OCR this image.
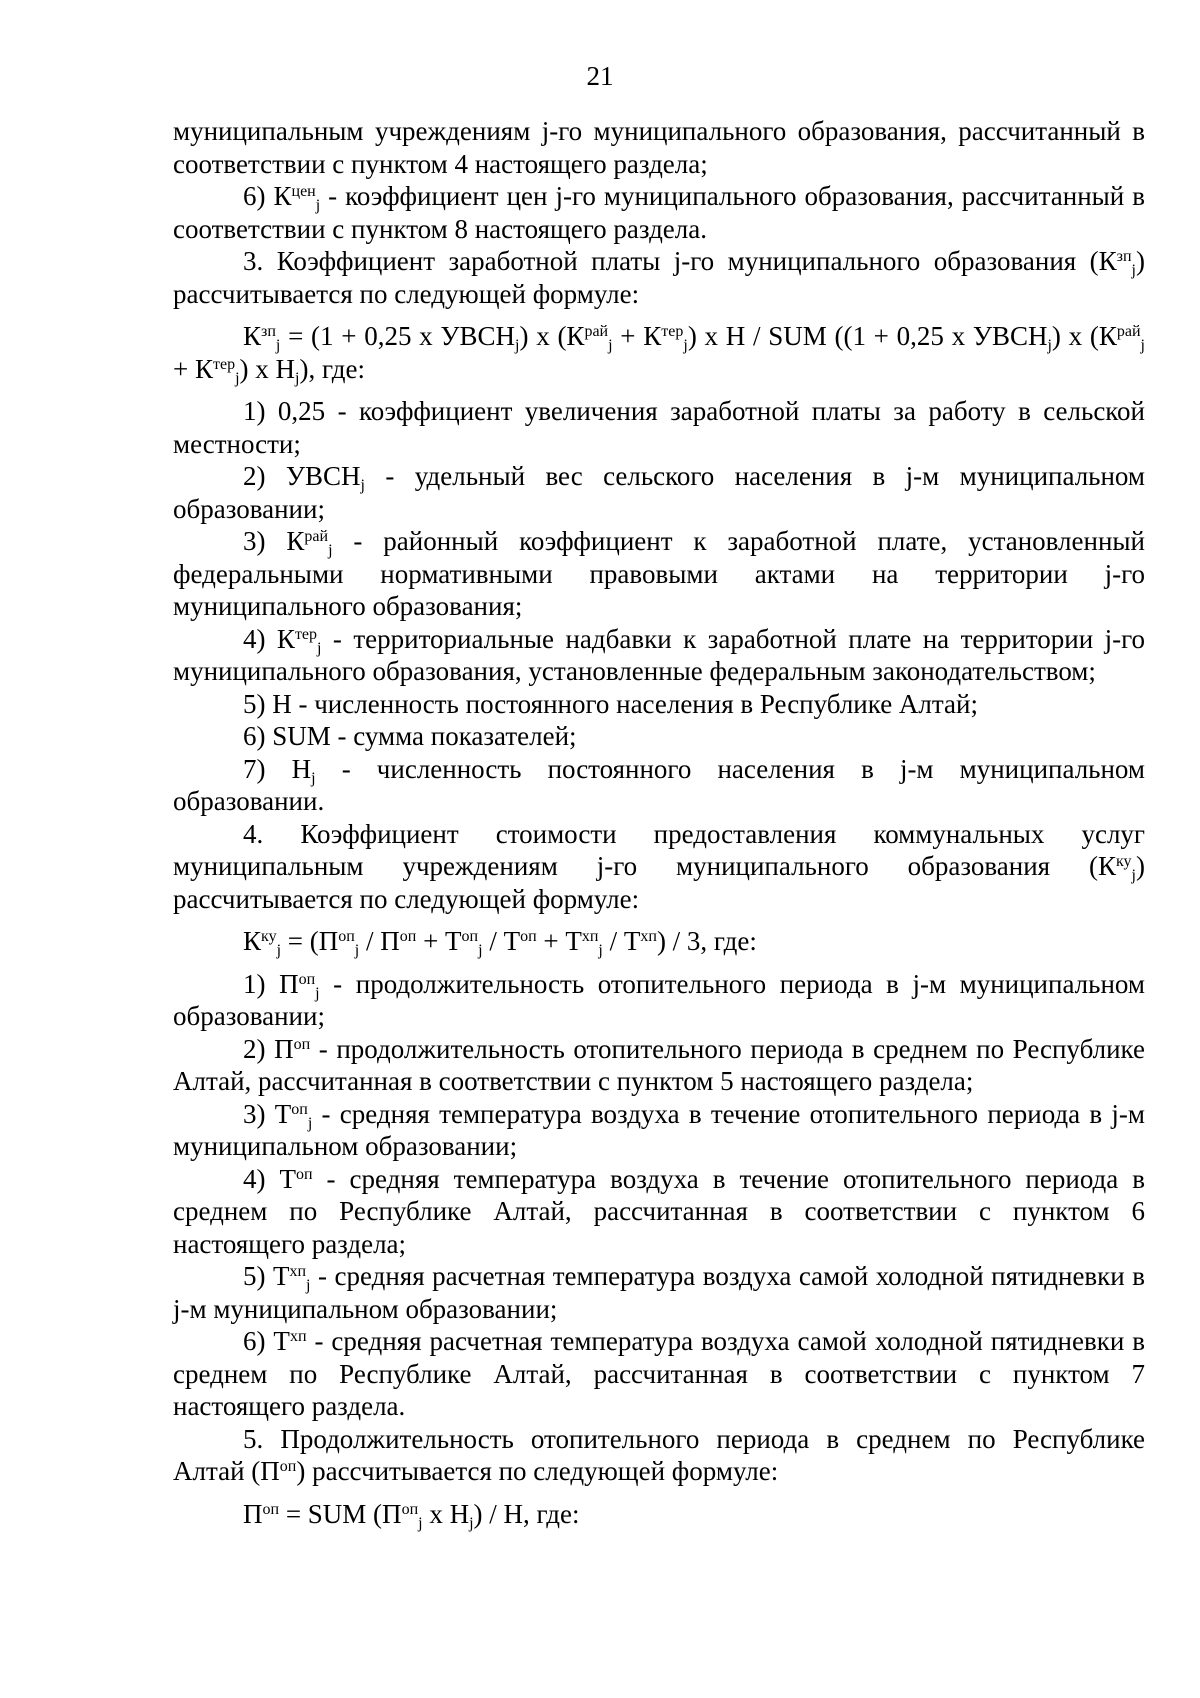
21

муниципальным учреждениям j-го муниципального образования, рассчитанный в соответствии с пунктом 4 настоящего раздела;

6) $К^{цен}_j$ - коэффициент цен j-го муниципального образования, рассчитанный в соответствии с пунктом 8 настоящего раздела.

3. Коэффициент заработной платы j-го муниципального образования $(К^{зп}_j)$ рассчитывается по следующей формуле:

$К^{зп}_j = (1 + 0,25$ x $УВСН_j$) x $(К^{рай}_j + К^{тер}_j)$ x Н / SUM ((1 + 0,25 x $УВСН_j$) x $(К^{рай}_j + К^{тер}_j)$ x $Н_j$), где:

1) 0,25 - коэффициент увеличения заработной платы за работу в сельской местности;

2) $УВСН_j$ - удельный вес сельского населения в j-м муниципальном образовании;

3) $К^{рай}_j$ - районный коэффициент к заработной плате, установленный федеральными нормативными правовыми актами на территории j-го муниципального образования;

4) $К^{тер}_j$ - территориальные надбавки к заработной плате на территории j-го муниципального образования, установленные федеральным законодательством;

5) Н - численность постоянного населения в Республике Алтай;

6) SUM - сумма показателей;

7) $Н_j$ - численность постоянного населения в j-м муниципальном образовании.

4. Коэффициент стоимости предоставления коммунальных услуг муниципальным учреждениям j-го муниципального образования $(К^{ку}_j)$ рассчитывается по следующей формуле:

$К^{ку}_j = (П^{оп}_j / П^{оп} + Т^{оп}_j / Т^{оп} + Т^{хп}_j / Т^{хп}) / 3$, где:

1) $П^{оп}_j$ - продолжительность отопительного периода в j-м муниципальном образовании;

2) $П^{оп}$ - продолжительность отопительного периода в среднем по Республике Алтай, рассчитанная в соответствии с пунктом 5 настоящего раздела;

3) $Т^{оп}_j$ - средняя температура воздуха в течение отопительного периода в j-м муниципальном образовании;

4) $Т^{оп}$ - средняя температура воздуха в течение отопительного периода в среднем по Республике Алтай, рассчитанная в соответствии с пунктом 6 настоящего раздела;

5) $Т^{хп}_j$ - средняя расчетная температура воздуха самой холодной пятидневки в j-м муниципальном образовании;

6) $Т^{хп}$ - средняя расчетная температура воздуха самой холодной пятидневки в среднем по Республике Алтай, рассчитанная в соответствии с пунктом 7 настоящего раздела.

5. Продолжительность отопительного периода в среднем по Республике Алтай $(П^{оп})$ рассчитывается по следующей формуле:

$П^{оп}$ = SUM ($П^{оп}_j$ x $Н_j$) / Н, где:
